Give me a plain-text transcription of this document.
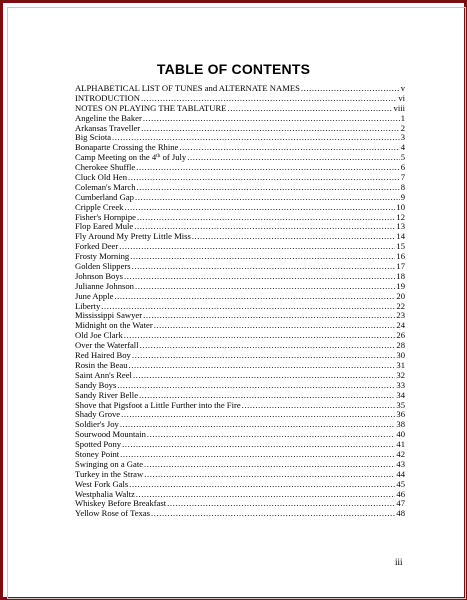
TABLE OF CONTENTS
ALPHABETICAL LIST OF TUNES and ALTERNATE NAMES .....	v
INTRODUCTION .....	vi
NOTES ON PLAYING THE TABLATURE .....	viii
Angeline the Baker .....	1
Arkansas Traveller .....	2
Big Sciota .....	3
Bonaparte Crossing the Rhine .....	4
Camp Meeting on the 4th of July .....	5
Cherokee Shuffle .....	6
Cluck Old Hen .....	7
Coleman's March .....	8
Cumberland Gap .....	9
Cripple Creek .....	10
Fisher's Hornpipe .....	12
Flop Eared Mule .....	13
Fly Around My Pretty Little Miss .....	14
Forked Deer .....	15
Frosty Morning .....	16
Golden Slippers .....	17
Johnson Boys .....	18
Julianne Johnson .....	19
June Apple .....	20
Liberty .....	22
Mississippi Sawyer .....	23
Midnight on the Water .....	24
Old Joe Clark .....	26
Over the Waterfall .....	28
Red Haired Boy .....	30
Rosin the Beau .....	31
Saint Ann's Reel .....	32
Sandy Boys .....	33
Sandy River Belle .....	34
Shove that Pigsfoot a Little Further into the Fire .....	35
Shady Grove .....	36
Soldier's Joy .....	38
Sourwood Mountain .....	40
Spotted Pony .....	41
Stoney Point .....	42
Swinging on a Gate .....	43
Turkey in the Straw .....	44
West Fork Gals .....	45
Westphalia Waltz .....	46
Whiskey Before Breakfast .....	47
Yellow Rose of Texas .....	48
iii
